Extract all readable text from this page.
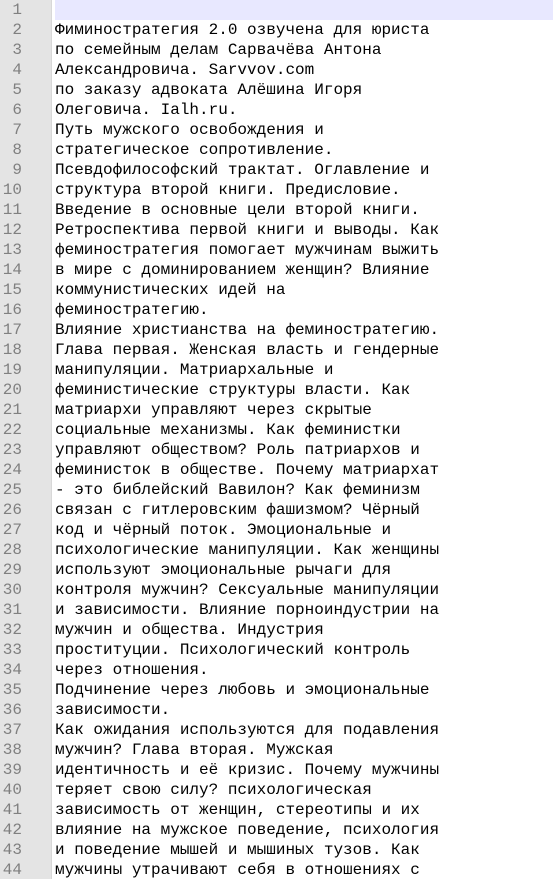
1
2 Фиминостратегия 2.0 озвучена для юриста
3 по семейным делам Сарвачёва Антона
4 Александровича. Sarvvov.com
5 по заказу адвоката Алёшина Игоря
6 Олеговича. Ialh.ru.
7 Путь мужского освобождения и
8 стратегическое сопротивление.
9 Псевдофилософский трактат. Оглавление и
10 структура второй книги. Предисловие.
11 Введение в основные цели второй книги.
12 Ретроспектива первой книги и выводы. Как
13 феминостратегия помогает мужчинам выжить
14 в мире с доминированием женщин? Влияние
15 коммунистических идей на
16 феминостратегию.
17 Влияние христианства на феминостратегию.
18 Глава первая. Женская власть и гендерные
19 манипуляции. Матриархальные и
20 феминистические структуры власти. Как
21 матриархи управляют через скрытые
22 социальные механизмы. Как феминистки
23 управляют обществом? Роль патриархов и
24 феминисток в обществе. Почему матриархат
25 - это библейский Вавилон? Как феминизм
26 связан с гитлеровским фашизмом? Чёрный
27 код и чёрный поток. Эмоциональные и
28 психологические манипуляции. Как женщины
29 используют эмоциональные рычаги для
30 контроля мужчин? Сексуальные манипуляции
31 и зависимости. Влияние порноиндустрии на
32 мужчин и общества. Индустрия
33 проституции. Психологический контроль
34 через отношения.
35 Подчинение через любовь и эмоциональные
36 зависимости.
37 Как ожидания используются для подавления
38 мужчин? Глава вторая. Мужская
39 идентичность и её кризис. Почему мужчины
40 теряет свою силу? психологическая
41 зависимость от женщин, стереотипы и их
42 влияние на мужское поведение, психология
43 и поведение мышей и мышиных тузов. Как
44 мужчины утрачивают себя в отношениях с
